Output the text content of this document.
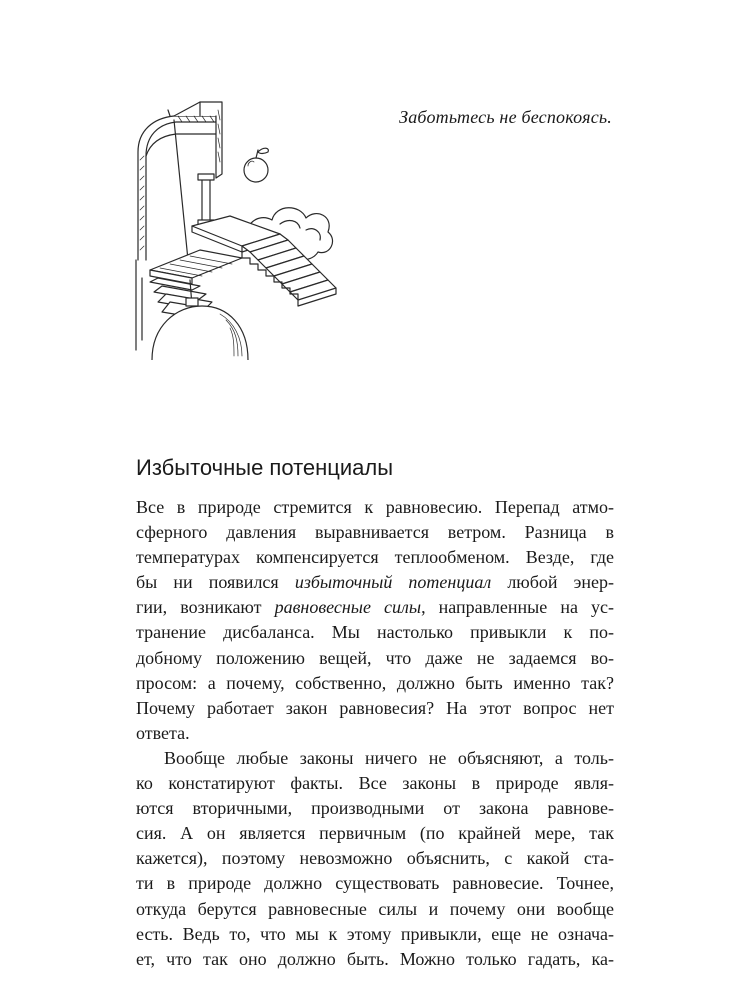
Заботьтесь не беспокоясь.
Избыточные потенциалы
Все в природе стремится к равновесию. Перепад атмо-
сферного давления выравнивается ветром. Разница в
температурах компенсируется теплообменом. Везде, где
бы ни появился избыточный потенциал любой энер-
гии, возникают равновесные силы, направленные на ус-
транение дисбаланса. Мы настолько привыкли к по-
добному положению вещей, что даже не задаемся во-
просом: а почему, собственно, должно быть именно так?
Почему работает закон равновесия? На этот вопрос нет
ответа.
Вообще любые законы ничего не объясняют, а толь-
ко констатируют факты. Все законы в природе явля-
ются вторичными, производными от закона равнове-
сия. А он является первичным (по крайней мере, так
кажется), поэтому невозможно объяснить, с какой ста-
ти в природе должно существовать равновесие. Точнее,
откуда берутся равновесные силы и почему они вообще
есть. Ведь то, что мы к этому привыкли, еще не означа-
ет, что так оно должно быть. Можно только гадать, ка-
